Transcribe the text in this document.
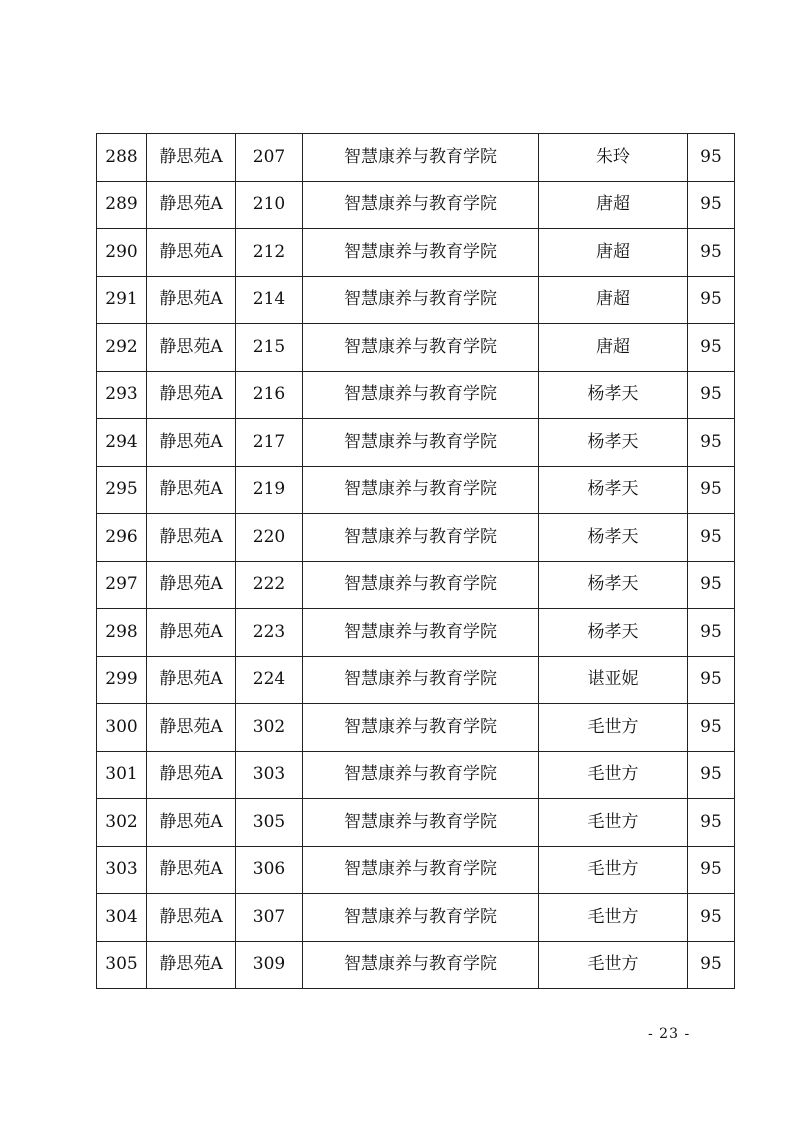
288	静思苑A	207	智慧康养与教育学院	朱玲	95
289	静思苑A	210	智慧康养与教育学院	唐超	95
290	静思苑A	212	智慧康养与教育学院	唐超	95
291	静思苑A	214	智慧康养与教育学院	唐超	95
292	静思苑A	215	智慧康养与教育学院	唐超	95
293	静思苑A	216	智慧康养与教育学院	杨孝天	95
294	静思苑A	217	智慧康养与教育学院	杨孝天	95
295	静思苑A	219	智慧康养与教育学院	杨孝天	95
296	静思苑A	220	智慧康养与教育学院	杨孝天	95
297	静思苑A	222	智慧康养与教育学院	杨孝天	95
298	静思苑A	223	智慧康养与教育学院	杨孝天	95
299	静思苑A	224	智慧康养与教育学院	谌亚妮	95
300	静思苑A	302	智慧康养与教育学院	毛世方	95
301	静思苑A	303	智慧康养与教育学院	毛世方	95
302	静思苑A	305	智慧康养与教育学院	毛世方	95
303	静思苑A	306	智慧康养与教育学院	毛世方	95
304	静思苑A	307	智慧康养与教育学院	毛世方	95
305	静思苑A	309	智慧康养与教育学院	毛世方	95
- 23 -
